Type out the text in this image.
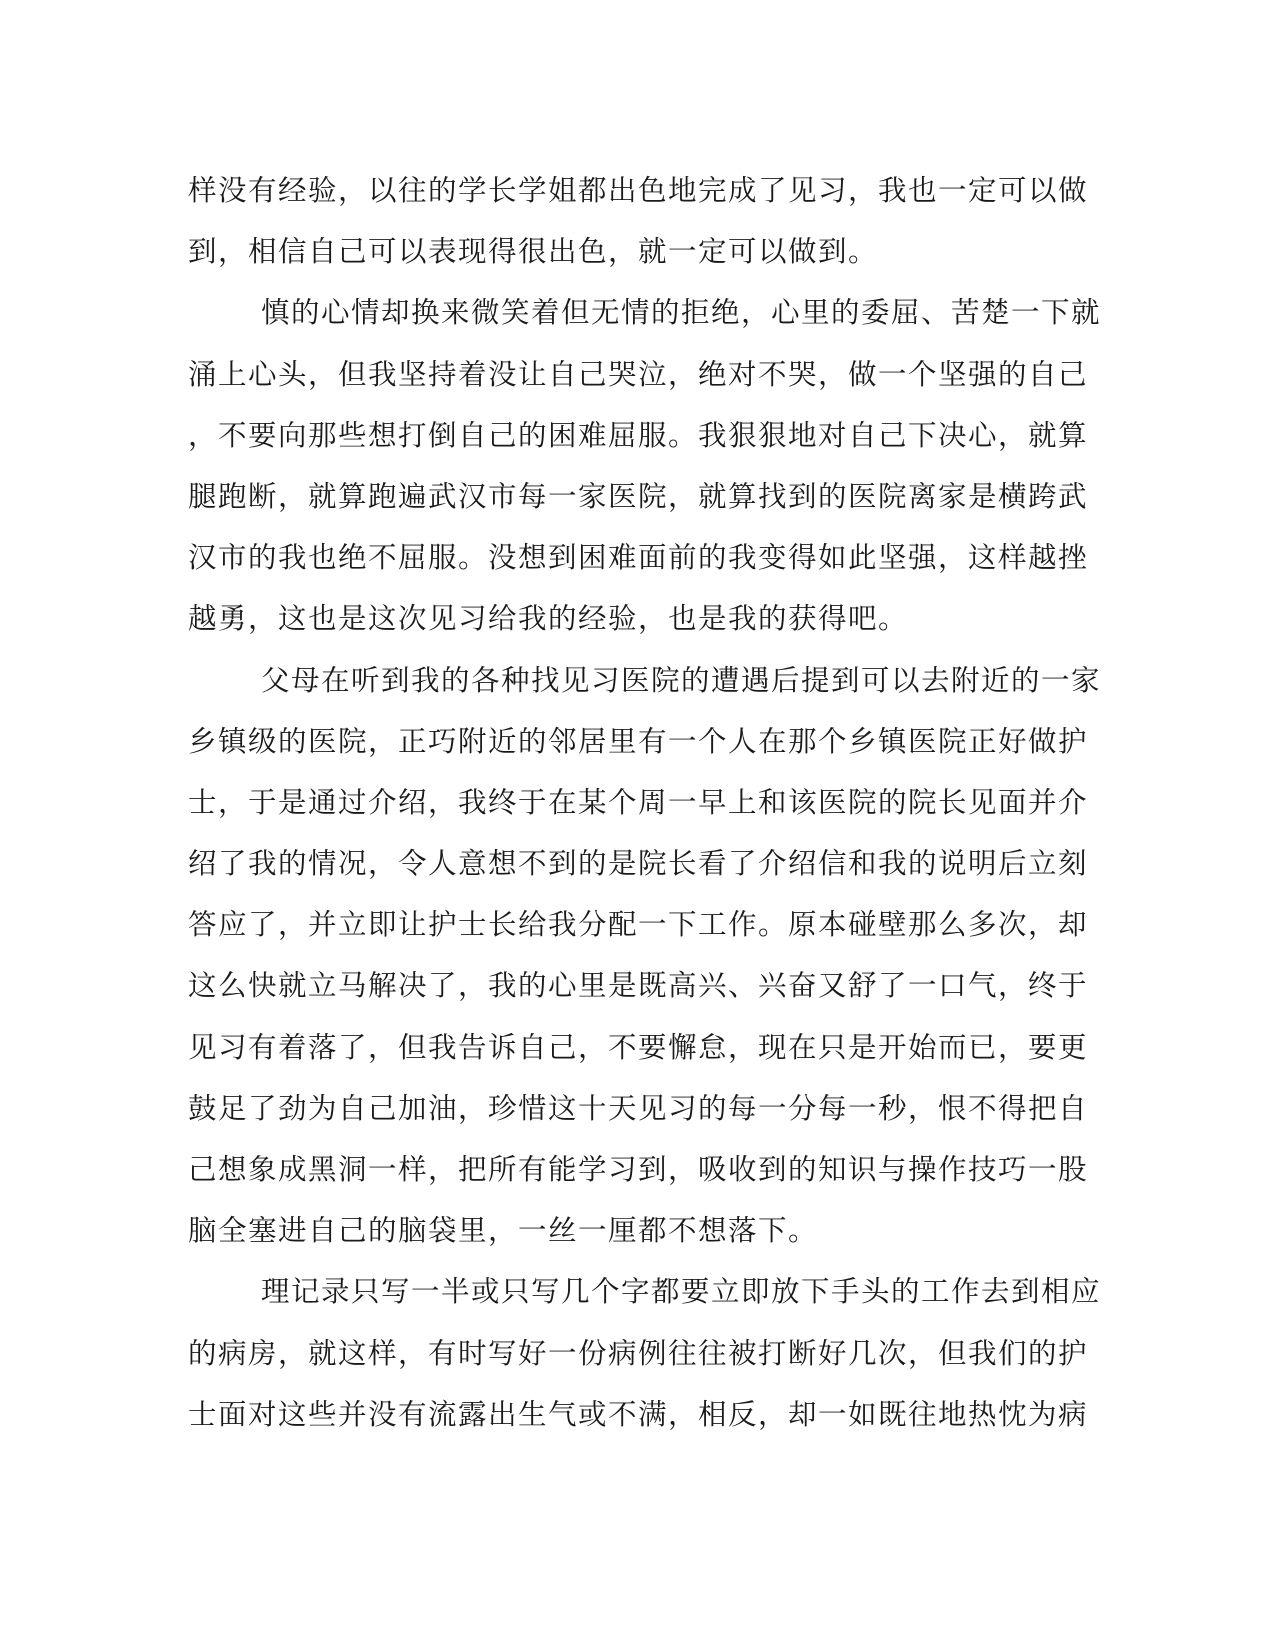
样没有经验，以往的学长学姐都出色地完成了见习，我也一定可以做
到，相信自己可以表现得很出色，就一定可以做到。
慎的心情却换来微笑着但无情的拒绝，心里的委屈、苦楚一下就
涌上心头，但我坚持着没让自己哭泣，绝对不哭，做一个坚强的自己
，不要向那些想打倒自己的困难屈服。我狠狠地对自己下决心，就算
腿跑断，就算跑遍武汉市每一家医院，就算找到的医院离家是横跨武
汉市的我也绝不屈服。没想到困难面前的我变得如此坚强，这样越挫
越勇，这也是这次见习给我的经验，也是我的获得吧。
父母在听到我的各种找见习医院的遭遇后提到可以去附近的一家
乡镇级的医院，正巧附近的邻居里有一个人在那个乡镇医院正好做护
士，于是通过介绍，我终于在某个周一早上和该医院的院长见面并介
绍了我的情况，令人意想不到的是院长看了介绍信和我的说明后立刻
答应了，并立即让护士长给我分配一下工作。原本碰壁那么多次，却
这么快就立马解决了，我的心里是既高兴、兴奋又舒了一口气，终于
见习有着落了，但我告诉自己，不要懈怠，现在只是开始而已，要更
鼓足了劲为自己加油，珍惜这十天见习的每一分每一秒，恨不得把自
己想象成黑洞一样，把所有能学习到，吸收到的知识与操作技巧一股
脑全塞进自己的脑袋里，一丝一厘都不想落下。
理记录只写一半或只写几个字都要立即放下手头的工作去到相应
的病房，就这样，有时写好一份病例往往被打断好几次，但我们的护
士面对这些并没有流露出生气或不满，相反，却一如既往地热忱为病
